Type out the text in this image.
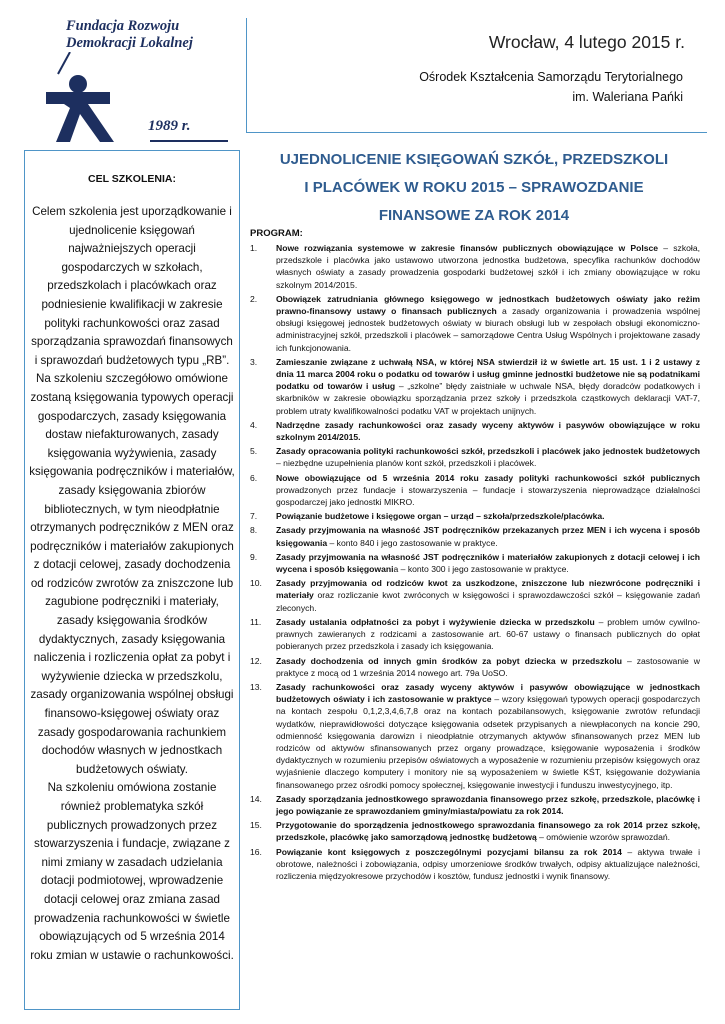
Fundacja Rozwoju
Demokracji Lokalnej
1989 r.
Wrocław, 4 lutego 2015 r.
Ośrodek Kształcenia Samorządu Terytorialnego
im. Waleriana Pańki
CEL SZKOLENIA:

Celem szkolenia jest uporządkowanie i ujednolicenie księgowań najważniejszych operacji gospodarczych w szkołach, przedszkolach i placówkach oraz podniesienie kwalifikacji w zakresie polityki rachunkowości oraz zasad sporządzania sprawozdań finansowych i sprawozdań budżetowych typu „RB”.

Na szkoleniu szczegółowo omówione zostaną księgowania typowych operacji gospodarczych, zasady księgowania dostaw niefakturowanych, zasady księgowania wyżywienia, zasady księgowania podręczników i materiałów, zasady księgowania zbiorów bibliotecznych, w tym nieodpłatnie otrzymanych podręczników z MEN oraz podręczników i materiałów zakupionych z dotacji celowej, zasady dochodzenia od rodziców zwrotów za zniszczone lub zagubione podręczniki i materiały, zasady księgowania środków dydaktycznych, zasady księgowania naliczenia i rozliczenia opłat za pobyt i wyżywienie dziecka w przedszkolu, zasady organizowania wspólnej obsługi finansowo-księgowej oświaty oraz zasady gospodarowania rachunkiem dochodów własnych w jednostkach budżetowych oświaty.

Na szkoleniu omówiona zostanie również problematyka szkół publicznych prowadzonych przez stowarzyszenia i fundacje, związane z nimi zmiany w zasadach udzielania dotacji podmiotowej, wprowadzenie dotacji celowej oraz zmiana zasad prowadzenia rachunkowości w świetle obowiązujących od 5 września 2014 roku zmian w ustawie o rachunkowości.

UJEDNOLICENIE KSIĘGOWAŃ SZKÓŁ, PRZEDSZKOLI
I PLACÓWEK W ROKU 2015 – SPRAWOZDANIE
FINANSOWE ZA ROK 2014
PROGRAM:
1. Nowe rozwiązania systemowe w zakresie finansów publicznych obowiązujące w Polsce – szkoła, przedszkole i placówka jako ustawowo utworzona jednostka budżetowa, specyfika rachunków dochodów własnych oświaty a zasady prowadzenia gospodarki budżetowej szkół i ich zmiany obowiązujące w roku szkolnym 2014/2015.
2. Obowiązek zatrudniania głównego księgowego w jednostkach budżetowych oświaty jako reżim prawno-finansowy ustawy o finansach publicznych a zasady organizowania i prowadzenia wspólnej obsługi księgowej jednostek budżetowych oświaty w biurach obsługi lub w zespołach obsługi ekonomiczno-administracyjnej szkół, przedszkoli i placówek – samorządowe Centra Usług Wspólnych i projektowane zasady ich funkcjonowania.
3. Zamieszanie związane z uchwałą NSA, w której NSA stwierdził iż w świetle art. 15 ust. 1 i 2 ustawy z dnia 11 marca 2004 roku o podatku od towarów i usług gminne jednostki budżetowe nie są podatnikami podatku od towarów i usług – „szkolne” błędy zaistniałe w uchwale NSA, błędy doradców podatkowych i skarbników w zakresie obowiązku sporządzania przez szkoły i przedszkola cząstkowych deklaracji VAT-7, problem utraty kwalifikowalności podatku VAT w projektach unijnych.
4. Nadrzędne zasady rachunkowości oraz zasady wyceny aktywów i pasywów obowiązujące w roku szkolnym 2014/2015.
5. Zasady opracowania polityki rachunkowości szkół, przedszkoli i placówek jako jednostek budżetowych – niezbędne uzupełnienia planów kont szkół, przedszkoli i placówek.
6. Nowe obowiązujące od 5 września 2014 roku zasady polityki rachunkowości szkół publicznych prowadzonych przez fundacje i stowarzyszenia – fundacje i stowarzyszenia nieprowadzące działalności gospodarczej jako jednostki MIKRO.
7. Powiązanie budżetowe i księgowe organ – urząd – szkoła/przedszkole/placówka.
8. Zasady przyjmowania na własność JST podręczników przekazanych przez MEN i ich wycena i sposób księgowania – konto 840 i jego zastosowanie w praktyce.
9. Zasady przyjmowania na własność JST podręczników i materiałów zakupionych z dotacji celowej i ich wycena i sposób księgowania – konto 300 i jego zastosowanie w praktyce.
10. Zasady przyjmowania od rodziców kwot za uszkodzone, zniszczone lub niezwrócone podręczniki i materiały oraz rozliczanie kwot zwróconych w księgowości i sprawozdawczości szkół – księgowanie zadań zleconych.
11. Zasady ustalania odpłatności za pobyt i wyżywienie dziecka w przedszkolu – problem umów cywilno-prawnych zawieranych z rodzicami a zastosowanie art. 60-67 ustawy o finansach publicznych do opłat pobieranych przez przedszkola i zasady ich księgowania.
12. Zasady dochodzenia od innych gmin środków za pobyt dziecka w przedszkolu – zastosowanie w praktyce z mocą od 1 września 2014 nowego art. 79a UoSO.
13. Zasady rachunkowości oraz zasady wyceny aktywów i pasywów obowiązujące w jednostkach budżetowych oświaty i ich zastosowanie w praktyce – wzory księgowań typowych operacji gospodarczych na kontach zespołu 0,1,2,3,4,6,7,8 oraz na kontach pozabilansowych, księgowanie zwrotów refundacji wydatków, nieprawidłowości dotyczące księgowania odsetek przypisanych a niewpłaconych na koncie 290, odmienność księgowania darowizn i nieodpłatnie otrzymanych aktywów sfinansowanych przez MEN lub rodziców od aktywów sfinansowanych przez organy prowadzące, księgowanie wyposażenia i środków dydaktycznych w rozumieniu przepisów oświatowych a wyposażenie w rozumieniu przepisów księgowych oraz wyjaśnienie dlaczego komputery i monitory nie są wyposażeniem w świetle KŚT, księgowanie dożywiania finansowanego przez ośrodki pomocy społecznej, księgowanie inwestycji i funduszu inwestycyjnego, itp.
14. Zasady sporządzania jednostkowego sprawozdania finansowego przez szkołę, przedszkole, placówkę i jego powiązanie ze sprawozdaniem gminy/miasta/powiatu za rok 2014.
15. Przygotowanie do sporządzenia jednostkowego sprawozdania finansowego za rok 2014 przez szkołę, przedszkole, placówkę jako samorządową jednostkę budżetową – omówienie wzorów sprawozdań.
16. Powiązanie kont księgowych z poszczególnymi pozycjami bilansu za rok 2014 – aktywa trwałe i obrotowe, należności i zobowiązania, odpisy umorzeniowe środków trwałych, odpisy aktualizujące należności, rozliczenia międzyokresowe przychodów i kosztów, fundusz jednostki i wynik finansowy.
